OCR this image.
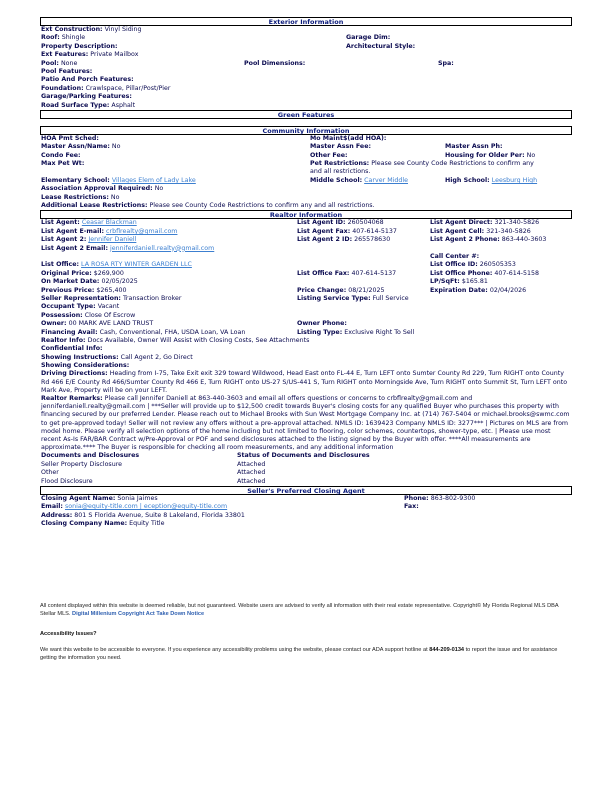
Exterior Information
Ext Construction: Vinyl Siding
Roof: Shingle	Garage Dim:
Property Description:	Architectural Style:
Ext Features: Private Mailbox
Pool: None	Pool Dimensions:	Spa:
Pool Features:
Patio And Porch Features:
Foundation: Crawlspace, Pillar/Post/Pier
Garage/Parking Features:
Road Surface Type: Asphalt
Green Features
Community Information
HOA Pmt Sched:	Mo Maint$(add HOA):
Master Assn/Name: No	Master Assn Fee:	Master Assn Ph:
Condo Fee:	Other Fee:	Housing for Older Per: No
Max Pet Wt:	Pet Restrictions: Please see County Code Restrictions to confirm any
and all restrictions.
Elementary School: Villages Elem of Lady Lake	Middle School: Carver Middle	High School: Leesburg High
Association Approval Required: No
Lease Restrictions: No
Additional Lease Restrictions: Please see County Code Restrictions to confirm any and all restrictions.
Realtor Information
List Agent: Ceasar Blackman	List Agent ID: 260504068	List Agent Direct: 321-340-5826
List Agent E-mail: crbflrealty@gmail.com	List Agent Fax: 407-614-5137	List Agent Cell: 321-340-5826
List Agent 2: Jennifer Daniell	List Agent 2 ID: 265578630	List Agent 2 Phone: 863-440-3603
List Agent 2 Email: jenniferdaniell.realty@gmail.com
Call Center #:
List Office: LA ROSA RTY WINTER GARDEN LLC	List Office ID: 260505353
Original Price: $269,900	List Office Fax: 407-614-5137	List Office Phone: 407-614-5158
On Market Date: 02/05/2025	LP/SqFt: $165.81
Previous Price: $265,400	Price Change: 08/21/2025	Expiration Date: 02/04/2026
Seller Representation: Transaction Broker	Listing Service Type: Full Service
Occupant Type: Vacant
Possession: Close Of Escrow
Owner: 00 MARK AVE LAND TRUST	Owner Phone:
Financing Avail: Cash, Conventional, FHA, USDA Loan, VA Loan	Listing Type: Exclusive Right To Sell
Realtor Info: Docs Available, Owner Will Assist with Closing Costs, See Attachments
Confidential Info:
Showing Instructions: Call Agent 2, Go Direct
Showing Considerations:
Driving Directions: Heading from I-75, Take Exit exit 329 toward Wildwood, Head East onto FL-44 E, Turn LEFT onto Sumter County Rd 229, Turn RIGHT onto County Rd 466 E/E County Rd 466/Sumter County Rd 466 E, Turn RIGHT onto US-27 S/US-441 S, Turn RIGHT onto Morningside Ave, Turn RIGHT onto Summit St, Turn LEFT onto Mark Ave, Property will be on your LEFT.
Realtor Remarks: Please call Jennifer Daniell at 863-440-3603 and email all offers questions or concerns to crbflrealty@gmail.com and jenniferdaniell.realty@gmail.com | ***Seller will provide up to $12,500 credit towards Buyer's closing costs for any qualified Buyer who purchases this property with financing secured by our preferred Lender. Please reach out to Michael Brooks with Sun West Mortgage Company Inc. at (714) 767-5404 or michael.brooks@swmc.com to get pre-approved today! Seller will not review any offers without a pre-approval attached. NMLS ID: 1639423 Company NMLS ID: 3277*** | Pictures on MLS are from model home. Please verify all selection options of the home including but not limited to flooring, color schemes, countertops, shower-type, etc. | Please use most recent As-Is FAR/BAR Contract w/Pre-Approval or POF and send disclosures attached to the listing signed by the Buyer with offer. ****All measurements are approximate.**** The Buyer is responsible for checking all room measurements, and any additional information
Documents and Disclosures	Status of Documents and Disclosures
Seller Property Disclosure	Attached
Other	Attached
Flood Disclosure	Attached
Seller's Preferred Closing Agent
Closing Agent Name: Sonia Jaimes	Phone: 863-802-9300
Email: sonia@equity-title.com | eception@equity-title.com	Fax:
Address: 801 S Florida Avenue, Suite 8 Lakeland, Florida 33801
Closing Company Name: Equity Title
All content displayed within this website is deemed reliable, but not guaranteed. Website users are advised to verify all information with their real estate representative. Copyright© My Florida Regional MLS DBA Stellar MLS. Digital Millenium Copyright Act Take Down Notice
Accessibility Issues?
We want this website to be accessible to everyone. If you experience any accessibility problems using the website, please contact our ADA support hotline at 844-209-0134 to report the issue and for assistance getting the information you need.
